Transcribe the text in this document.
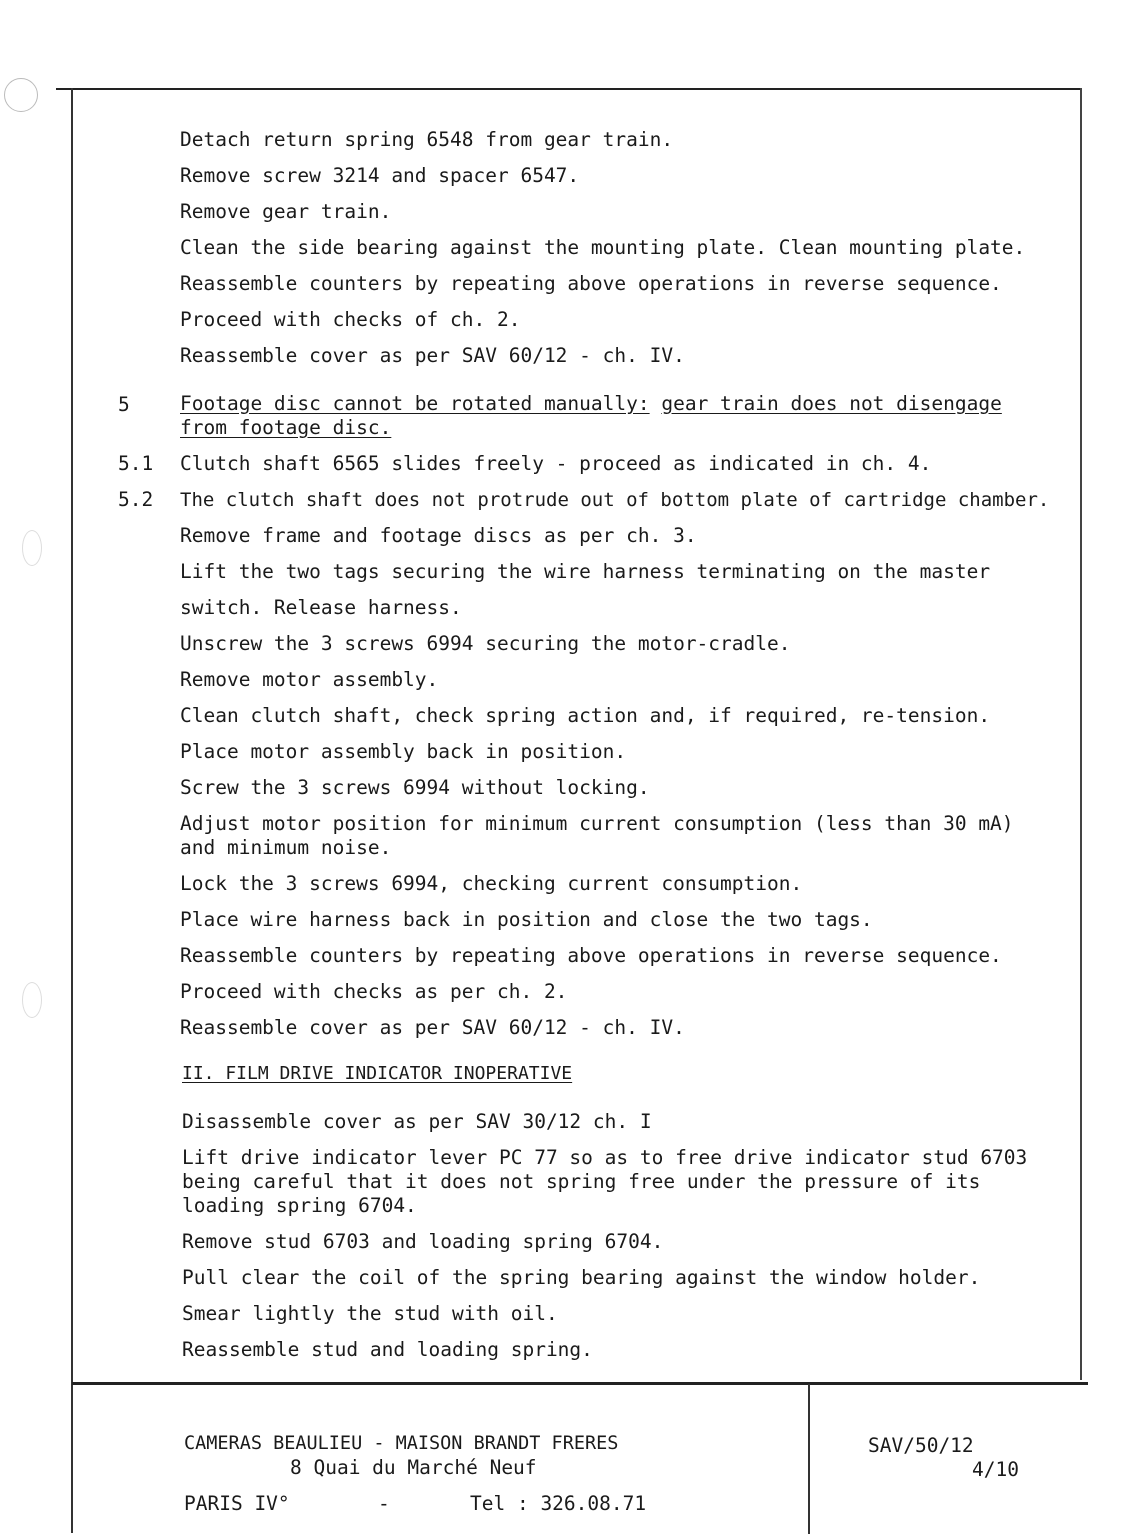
Detach return spring 6548 from gear train.
Remove screw 3214 and spacer 6547.
Remove gear train.
Clean the side bearing against the mounting plate. Clean mounting plate.
Reassemble counters by repeating above operations in reverse sequence.
Proceed with checks of ch. 2.
Reassemble cover as per SAV 60/12 - ch. IV.
5	Footage disc cannot be rotated manually: gear train does not disengage
from footage disc.
5.1 Clutch shaft 6565 slides freely - proceed as indicated in ch. 4.
5.2 The clutch shaft does not protrude out of bottom plate of cartridge chamber.
Remove frame and footage discs as per ch. 3.
Lift the two tags securing the wire harness terminating on the master
switch. Release harness.
Unscrew the 3 screws 6994 securing the motor-cradle.
Remove motor assembly.
Clean clutch shaft, check spring action and, if required, re-tension.
Place motor assembly back in position.
Screw the 3 screws 6994 without locking.
Adjust motor position for minimum current consumption (less than 30 mA)
and minimum noise.
Lock the 3 screws 6994, checking current consumption.
Place wire harness back in position and close the two tags.
Reassemble counters by repeating above operations in reverse sequence.
Proceed with checks as per ch. 2.
Reassemble cover as per SAV 60/12 - ch. IV.
II. FILM DRIVE INDICATOR INOPERATIVE
Disassemble cover as per SAV 30/12 ch. I
Lift drive indicator lever PC 77 so as to free drive indicator stud 6703
being careful that it does not spring free under the pressure of its
loading spring 6704.
Remove stud 6703 and loading spring 6704.
Pull clear the coil of the spring bearing against the window holder.
Smear lightly the stud with oil.
Reassemble stud and loading spring.
CAMERAS BEAULIEU - MAISON BRANDT FRERES
8 Quai du Marché Neuf
PARIS IV°	-	Tel : 326.08.71
SAV/50/12
4/10
